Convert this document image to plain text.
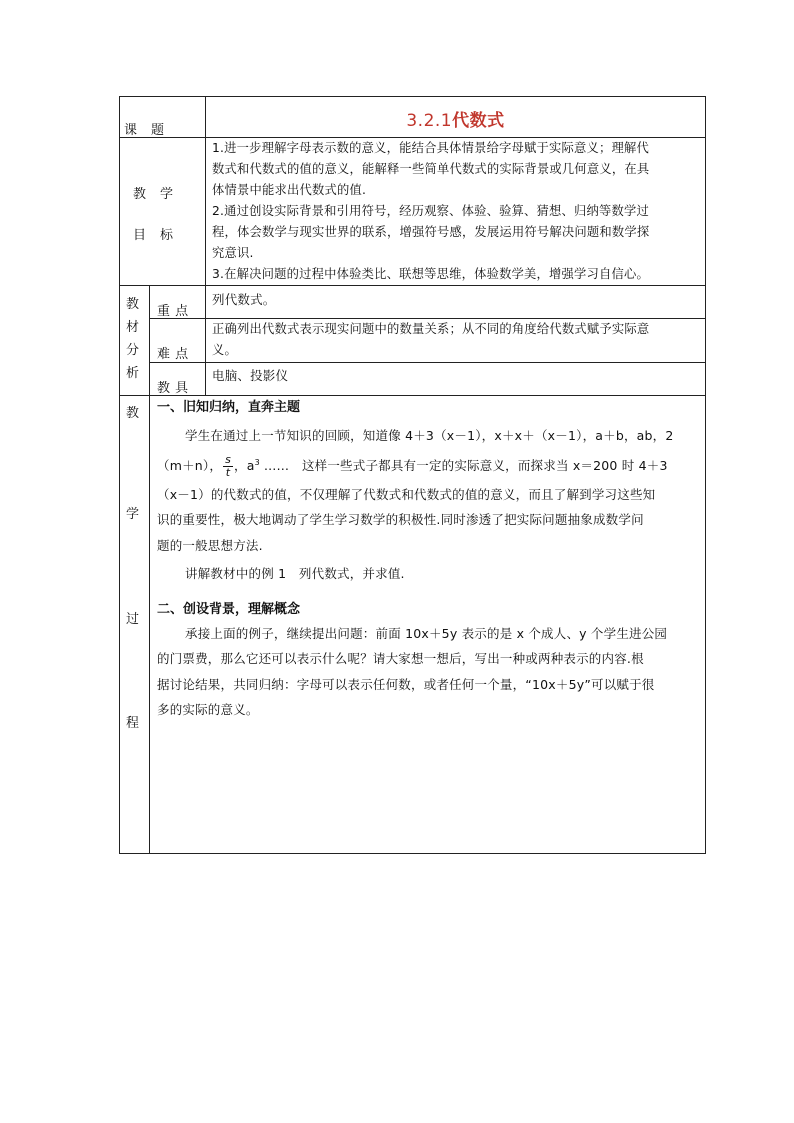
课　题	3.2.1代数式
教　学
目　标

1.进一步理解字母表示数的意义，能结合具体情景给字母赋于实际意义；理解代

数式和代数式的值的意义，能解释一些简单代数式的实际背景或几何意义，在具

体情景中能求出代数式的值.

2.通过创设实际背景和引用符号，经历观察、体验、验算、猜想、归纳等数学过

程，体会数学与现实世界的联系，增强符号感，发展运用符号解决问题和数学探

究意识.

3.在解决问题的过程中体验类比、联想等思维，体验数学美，增强学习自信心。

教
材
分
析
重 点
列代数式。
难 点

正确列出代数式表示现实问题中的数量关系；从不同的角度给代数式赋予实际意

义。

教 具
电脑、投影仪
教
学
过
程

一、旧知归纳，直奔主题

学生在通过上一节知识的回顾，知道像 4＋3（x－1），x＋x＋（x－1），a＋b，ab，2

（m＋n）， $\frac{s}{t}$ ，$a^3$ ……　这样一些式子都具有一定的实际意义，而探求当 x＝200 时 4＋3

（x－1）的代数式的值，不仅理解了代数式和代数式的值的意义，而且了解到学习这些知

识的重要性，极大地调动了学生学习数学的积极性.同时渗透了把实际问题抽象成数学问

题的一般思想方法.

讲解教材中的例 1　列代数式，并求值.

二、创设背景，理解概念

承接上面的例子，继续提出问题：前面 10x＋5y 表示的是 x 个成人、y 个学生进公园

的门票费，那么它还可以表示什么呢？请大家想一想后，写出一种或两种表示的内容.根

据讨论结果，共同归纳：字母可以表示任何数，或者任何一个量，“10x＋5y”可以赋于很

多的实际的意义。
